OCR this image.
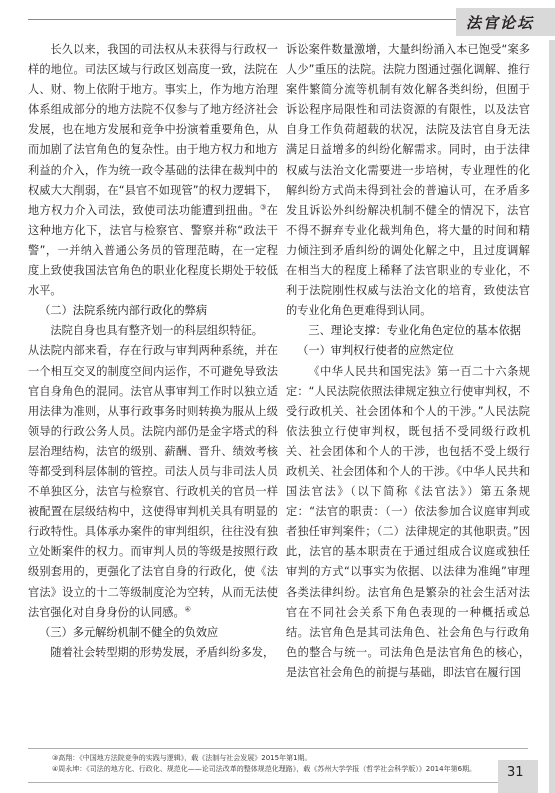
法官论坛

长久以来，我国的司法权从未获得与行政权一样的地位。司法区域与行政区划高度一致，法院在人、财、物上依附于地方。事实上，作为地方治理体系组成部分的地方法院不仅参与了地方经济社会发展，也在地方发展和竞争中扮演着重要角色，从而加剧了法官角色的复杂性。由于地方权力和地方利益的介入，作为统一政令基础的法律在裁判中的权威大大削弱，在“县官不如现管”的权力逻辑下，地方权力介入司法，致使司法功能遭到扭曲。③在这种地方化下，法官与检察官、警察并称“政法干警”，一并纳入普通公务员的管理范畴，在一定程度上致使我国法官角色的职业化程度长期处于较低水平。

（二）法院系统内部行政化的弊病

法院自身也具有整齐划一的科层组织特征。

从法院内部来看，存在行政与审判两种系统，并在一个相互交叉的制度空间内运作，不可避免导致法官自身角色的混同。法官从事审判工作时以独立适用法律为准则，从事行政事务时则转换为服从上级领导的行政公务人员。法院内部仍是金字塔式的科层治理结构，法官的级别、薪酬、晋升、绩效考核等都受到科层体制的管控。司法人员与非司法人员不单独区分，法官与检察官、行政机关的官员一样被配置在层级结构中，这使得审判机关具有明显的行政特性。具体承办案件的审判组织，往往没有独立处断案件的权力。而审判人员的等级是按照行政级别套用的，更强化了法官自身的行政化，使《法官法》设立的十二等级制度沦为空转，从而无法使法官强化对自身身份的认同感。④

（三）多元解纷机制不健全的负效应

随着社会转型期的形势发展，矛盾纠纷多发，

诉讼案件数量激增，大量纠纷涌入本已饱受“案多人少”重压的法院。法院力图通过强化调解、推行案件繁简分流等机制有效化解各类纠纷，但囿于诉讼程序局限性和司法资源的有限性，以及法官自身工作负荷超载的状况，法院及法官自身无法满足日益增多的纠纷化解需求。同时，由于法律权威与法治文化需要进一步培树，专业理性的化解纠纷方式尚未得到社会的普遍认可，在矛盾多发且诉讼外纠纷解决机制不健全的情况下，法官不得不摒弃专业化裁判角色，将大量的时间和精力倾注到矛盾纠纷的调处化解之中，且过度调解在相当大的程度上稀释了法官职业的专业化，不利于法院刚性权威与法治文化的培育，致使法官的专业化角色更难得到认同。

三、理论支撑：专业化角色定位的基本依据

（一）审判权行使者的应然定位

《中华人民共和国宪法》第一百二十六条规定：“人民法院依照法律规定独立行使审判权，不受行政机关、社会团体和个人的干涉。”人民法院依法独立行使审判权，既包括不受同级行政机关、社会团体和个人的干涉，也包括不受上级行政机关、社会团体和个人的干涉。《中华人民共和国法官法》（以下简称《法官法》）第五条规定：“法官的职责：（一）依法参加合议庭审判或者独任审判案件；（二）法律规定的其他职责。”因此，法官的基本职责在于通过组成合议庭或独任审判的方式“以事实为依据、以法律为准绳”审理各类法律纠纷。法官角色是繁杂的社会生活对法官在不同社会关系下角色表现的一种概括或总结。法官角色是其司法角色、社会角色与行政角色的整合与统一。司法角色是法官角色的核心，是法官社会角色的前提与基础，即法官在履行国

③高翔：《中国地方法院竞争的实践与逻辑》，载《法制与社会发展》2015年第1期。
④周永坤：《司法的地方化、行政化、规范化——论司法改革的整体规范化理路》，载《苏州大学学报（哲学社会科学版）》2014年第6期。	31
